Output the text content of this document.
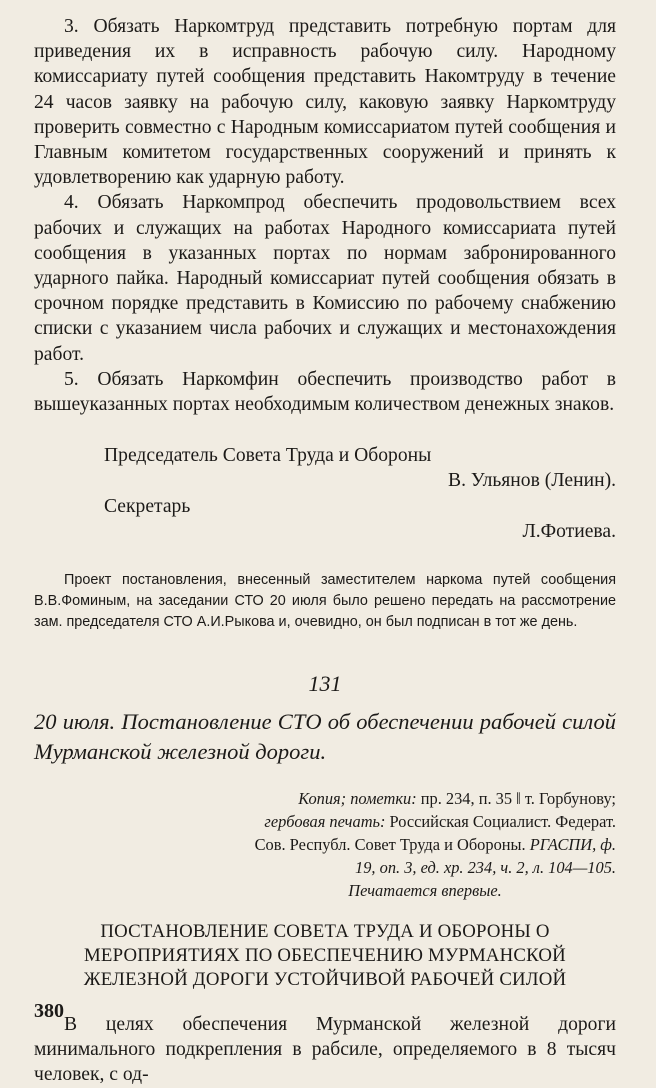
3. Обязать Наркомтруд представить потребную портам для приведения их в исправность рабочую силу. Народному комиссариату путей сообщения представить Накомтруду в течение 24 часов заявку на рабочую силу, каковую заявку Наркомтруду проверить совместно с Народным комиссариатом путей сообщения и Главным комитетом государственных сооружений и принять к удовлетворению как ударную работу.

4. Обязать Наркомпрод обеспечить продовольствием всех рабочих и служащих на работах Народного комиссариата путей сообщения в указанных портах по нормам забронированного ударного пайка. Народный комиссариат путей сообщения обязать в срочном порядке представить в Комиссию по рабочему снабжению списки с указанием числа рабочих и служащих и местонахождения работ.

5. Обязать Наркомфин обеспечить производство работ в вышеуказанных портах необходимым количеством денежных знаков.

Председатель Совета Труда и Обороны
В. Ульянов (Ленин).
Секретарь
Л.Фотиева.

Проект постановления, внесенный заместителем наркома путей сообщения В.В.Фоминым, на заседании СТО 20 июля было решено передать на рассмотрение зам. председателя СТО А.И.Рыкова и, очевидно, он был подписан в тот же день.

131
20 июля. Постановление СТО об обеспечении рабочей силой Мурманской железной дороги.
Копия; пометки: пр. 234, п. 35 ‖ т. Горбунову; гербовая печать: Российская Социалист. Федерат. Сов. Республ. Совет Труда и Обороны. РГАСПИ, ф. 19, оп. 3, ед. хр. 234, ч. 2, л. 104—105.
Печатается впервые.
ПОСТАНОВЛЕНИЕ СОВЕТА ТРУДА И ОБОРОНЫ О МЕРОПРИЯТИЯХ ПО ОБЕСПЕЧЕНИЮ МУРМАНСКОЙ ЖЕЛЕЗНОЙ ДОРОГИ УСТОЙЧИВОЙ РАБОЧЕЙ СИЛОЙ

В целях обеспечения Мурманской железной дороги минимального подкрепления в рабсиле, определяемого в 8 тысяч человек, с од-

380
